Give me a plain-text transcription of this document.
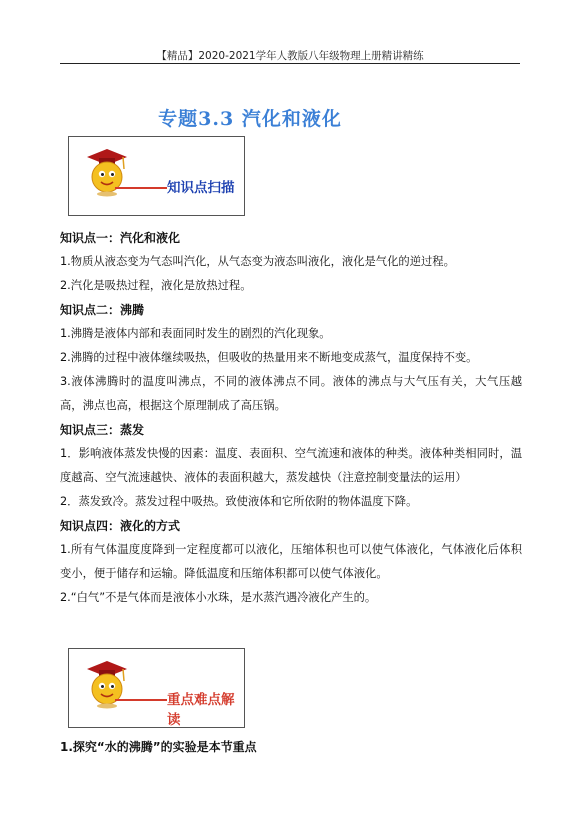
【精品】2020-2021学年人教版八年级物理上册精讲精练
专题3.3 汽化和液化
知识点扫描

知识点一：汽化和液化

1.物质从液态变为气态叫汽化，从气态变为液态叫液化，液化是气化的逆过程。

2.汽化是吸热过程，液化是放热过程。

知识点二：沸腾

1.沸腾是液体内部和表面同时发生的剧烈的汽化现象。

2.沸腾的过程中液体继续吸热，但吸收的热量用来不断地变成蒸气，温度保持不变。

3.液体沸腾时的温度叫沸点，不同的液体沸点不同。液体的沸点与大气压有关，大气压越高，沸点也高，根据这个原理制成了高压锅。

知识点三：蒸发

1．影响液体蒸发快慢的因素：温度、表面积、空气流速和液体的种类。液体种类相同时，温度越高、空气流速越快、液体的表面积越大，蒸发越快（注意控制变量法的运用）

2．蒸发致冷。蒸发过程中吸热。致使液体和它所依附的物体温度下降。

知识点四：液化的方式

1.所有气体温度度降到一定程度都可以液化，压缩体积也可以使气体液化，气体液化后体积变小，便于储存和运输。降低温度和压缩体积都可以使气体液化。

2.“白气”不是气体而是液体小水珠，是水蒸汽遇冷液化产生的。

重点难点解读
1.探究“水的沸腾”的实验是本节重点
